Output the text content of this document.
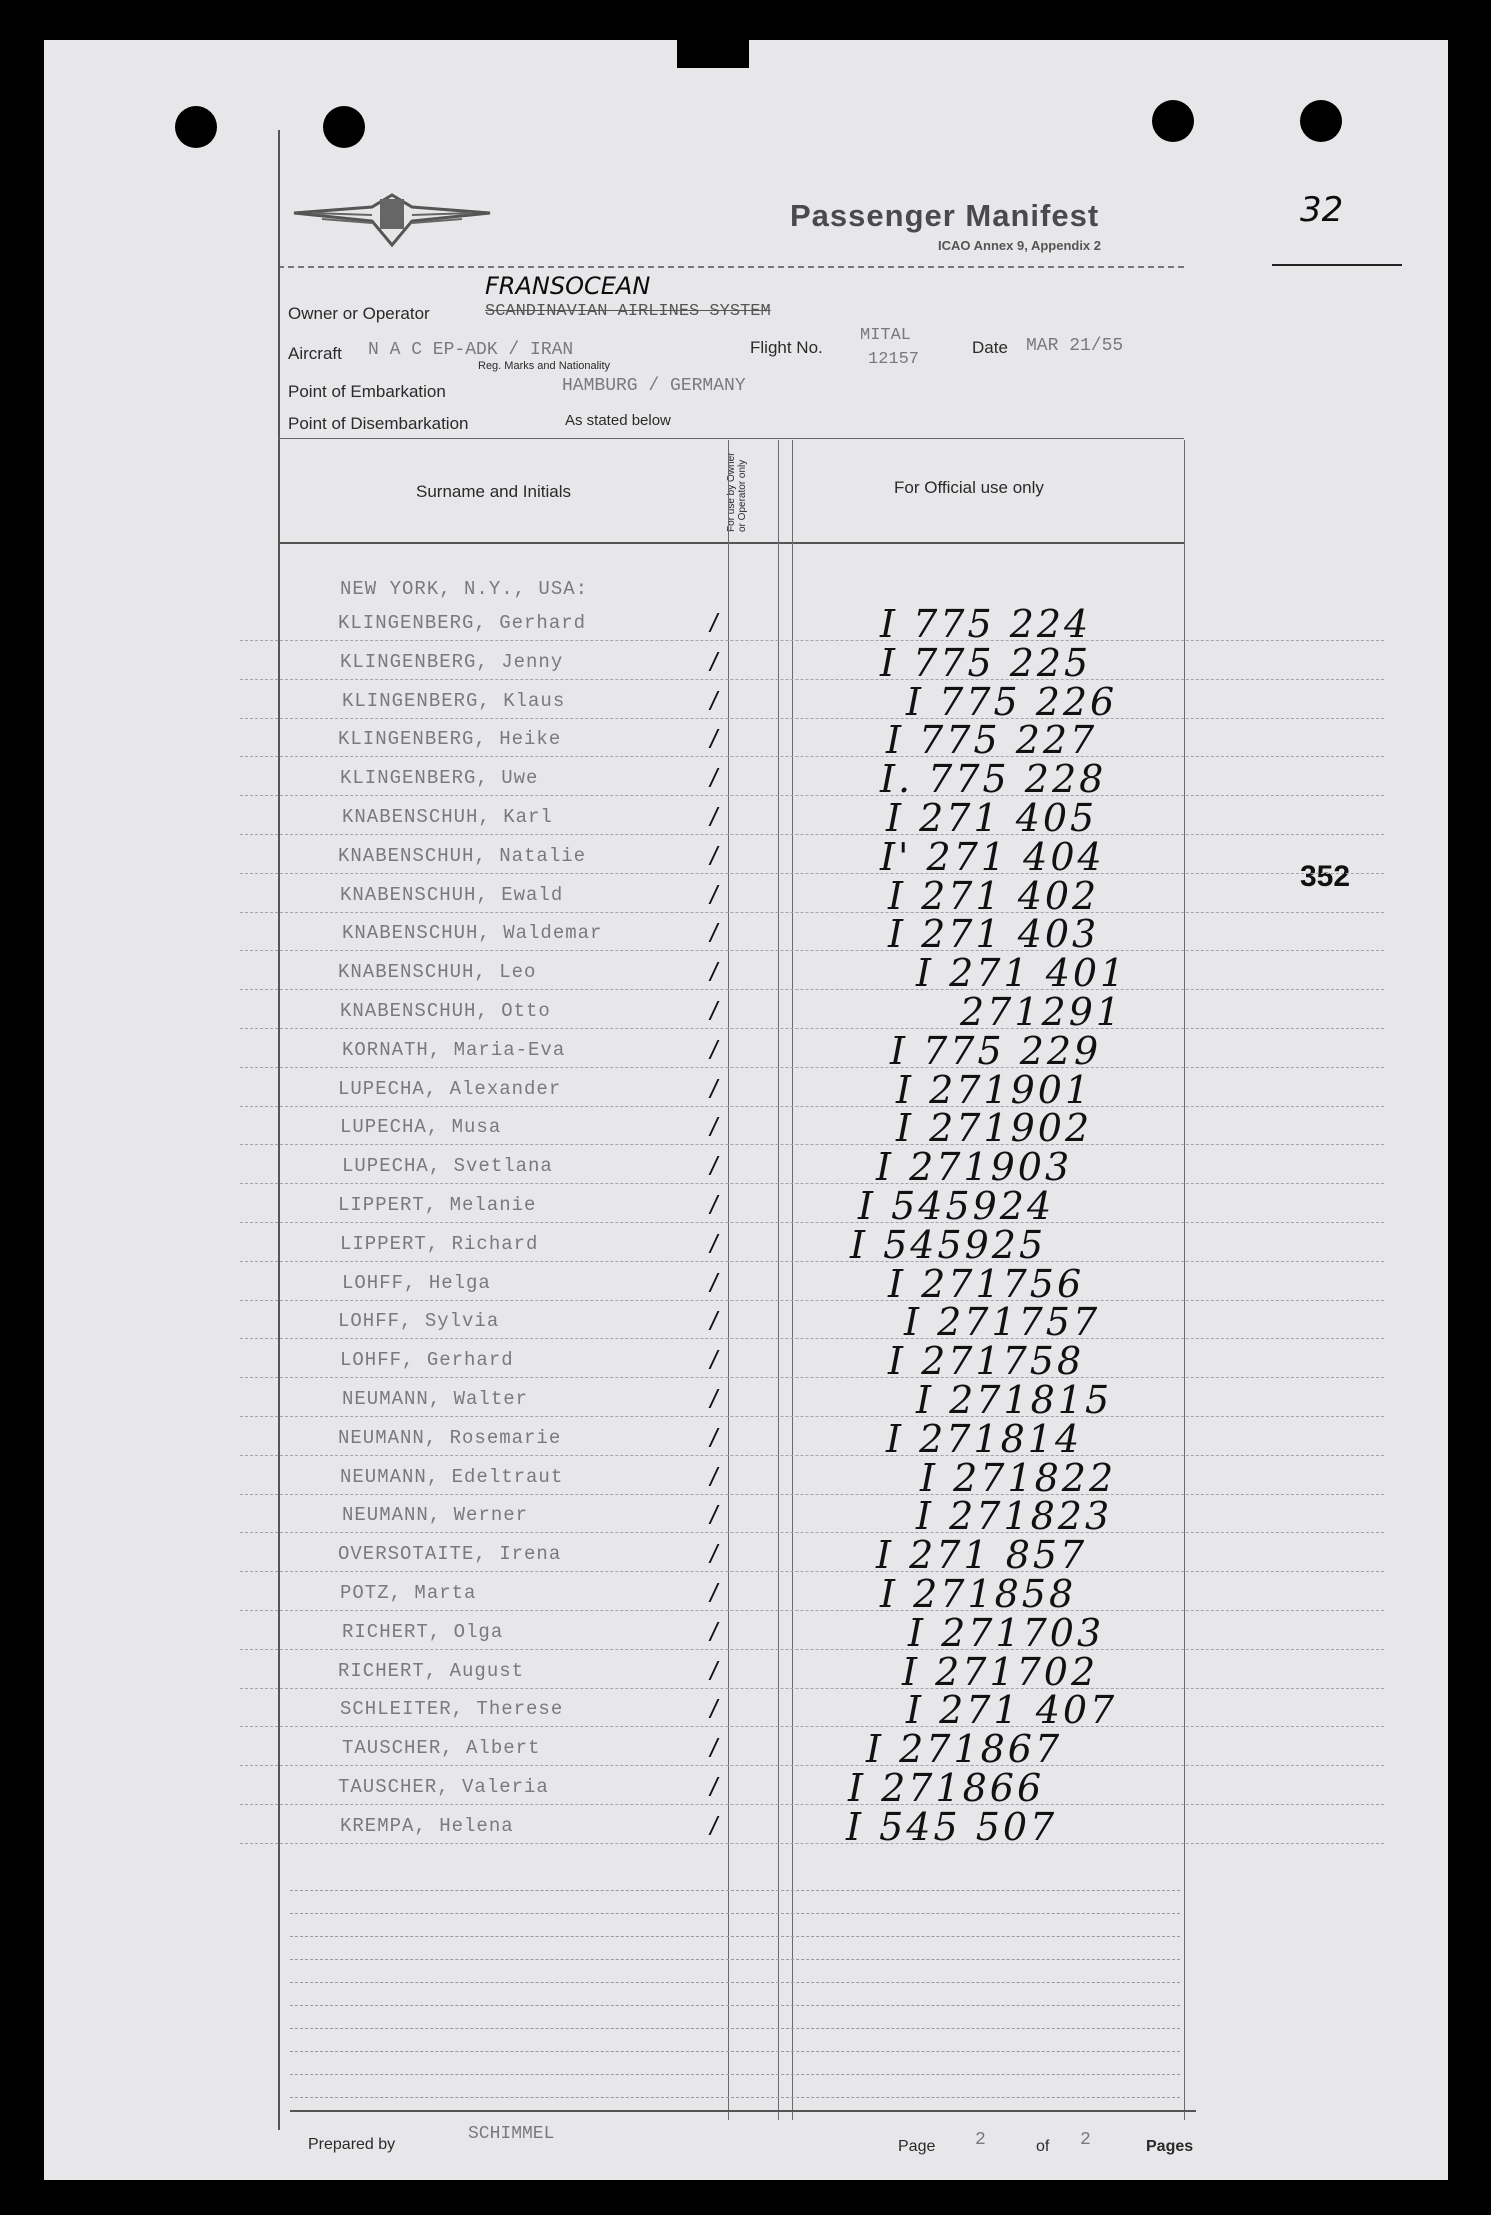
Passenger Manifest
ICAO Annex 9, Appendix 2
32
352
Owner or Operator
FRANSOCEAN
SCANDINAVIAN AIRLINES SYSTEM
Aircraft N A C EP-ADK / IRAN
Reg. Marks and Nationality
Flight No.
MITAL
12157
Date MAR 21/55
Point of Embarkation	HAMBURG / GERMANY
Point of Disembarkation	As stated below
Surname and Initials	For use by Owner or Operator only	For Official use only
NEW YORK, N.Y., USA:
KLINGENBERG, Gerhard	/	I 775 224
KLINGENBERG, Jenny	/	I 775 225
KLINGENBERG, Klaus	/	I 775 226
KLINGENBERG, Heike	/	I 775 227
KLINGENBERG, Uwe	/	I. 775 228
KNABENSCHUH, Karl	/	I 271 405
KNABENSCHUH, Natalie	/	I' 271 404
KNABENSCHUH, Ewald	/	I 271 402
KNABENSCHUH, Waldemar	/	I 271 403
KNABENSCHUH, Leo	/	I 271 401
KNABENSCHUH, Otto	/	271291
KORNATH, Maria-Eva	/	I 775 229
LUPECHA, Alexander	/	I 271901
LUPECHA, Musa	/	I 271902
LUPECHA, Svetlana	/	I 271903
LIPPERT, Melanie	/	I 545924
LIPPERT, Richard	/	I 545925
LOHFF, Helga	/	I 271756
LOHFF, Sylvia	/	I 271757
LOHFF, Gerhard	/	I 271758
NEUMANN, Walter	/	I 271815
NEUMANN, Rosemarie	/	I 271814
NEUMANN, Edeltraut	/	I 271822
NEUMANN, Werner	/	I 271823
OVERSOTAITE, Irena	/	I 271 857
POTZ, Marta	/	I 271858
RICHERT, Olga	/	I 271703
RICHERT, August	/	I 271702
SCHLEITER, Therese	/	I 271 407
TAUSCHER, Albert	/	I 271867
TAUSCHER, Valeria	/	I 271866
KREMPA, Helena	/	I 545 507
Prepared by
SCHIMMEL
Page 2	of 2	Pages
